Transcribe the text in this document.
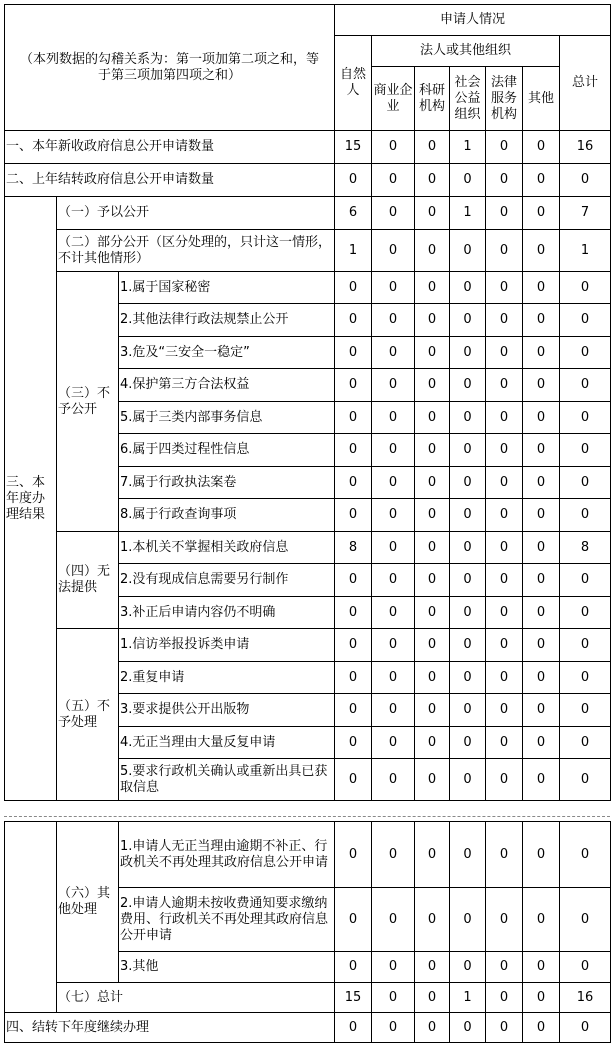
（本列数据的勾稽关系为：第一项加第二项之和，等于第三项加第四项之和）			申请人情况						
			自然人	法人或其他组织					总计
				商业企业	科研机构	社会公益组织	法律服务机构	其他	
一、本年新收政府信息公开申请数量			15	0	0	1	0	0	16
二、上年结转政府信息公开申请数量			0	0	0	0	0	0	0
三、本年度办理结果	（一）予以公开		6	0	0	1	0	0	7
	（二）部分公开（区分处理的，只计这一情形，不计其他情形）		1	0	0	0	0	0	1
	（三）不予公开	1.属于国家秘密	0	0	0	0	0	0	0
		2.其他法律行政法规禁止公开	0	0	0	0	0	0	0
		3.危及“三安全一稳定”	0	0	0	0	0	0	0
		4.保护第三方合法权益	0	0	0	0	0	0	0
		5.属于三类内部事务信息	0	0	0	0	0	0	0
		6.属于四类过程性信息	0	0	0	0	0	0	0
		7.属于行政执法案卷	0	0	0	0	0	0	0
		8.属于行政查询事项	0	0	0	0	0	0	0
	（四）无法提供	1.本机关不掌握相关政府信息	8	0	0	0	0	0	8
		2.没有现成信息需要另行制作	0	0	0	0	0	0	0
		3.补正后申请内容仍不明确	0	0	0	0	0	0	0
	（五）不予处理	1.信访举报投诉类申请	0	0	0	0	0	0	0
		2.重复申请	0	0	0	0	0	0	0
		3.要求提供公开出版物	0	0	0	0	0	0	0
		4.无正当理由大量反复申请	0	0	0	0	0	0	0
		5.要求行政机关确认或重新出具已获取信息	0	0	0	0	0	0	0
	（六）其他处理	1.申请人无正当理由逾期不补正、行政机关不再处理其政府信息公开申请	0	0	0	0	0	0	0
		2.申请人逾期未按收费通知要求缴纳费用、行政机关不再处理其政府信息公开申请	0	0	0	0	0	0	0
		3.其他	0	0	0	0	0	0	0
	（七）总计		15	0	0	1	0	0	16
四、结转下年度继续办理			0	0	0	0	0	0	0
